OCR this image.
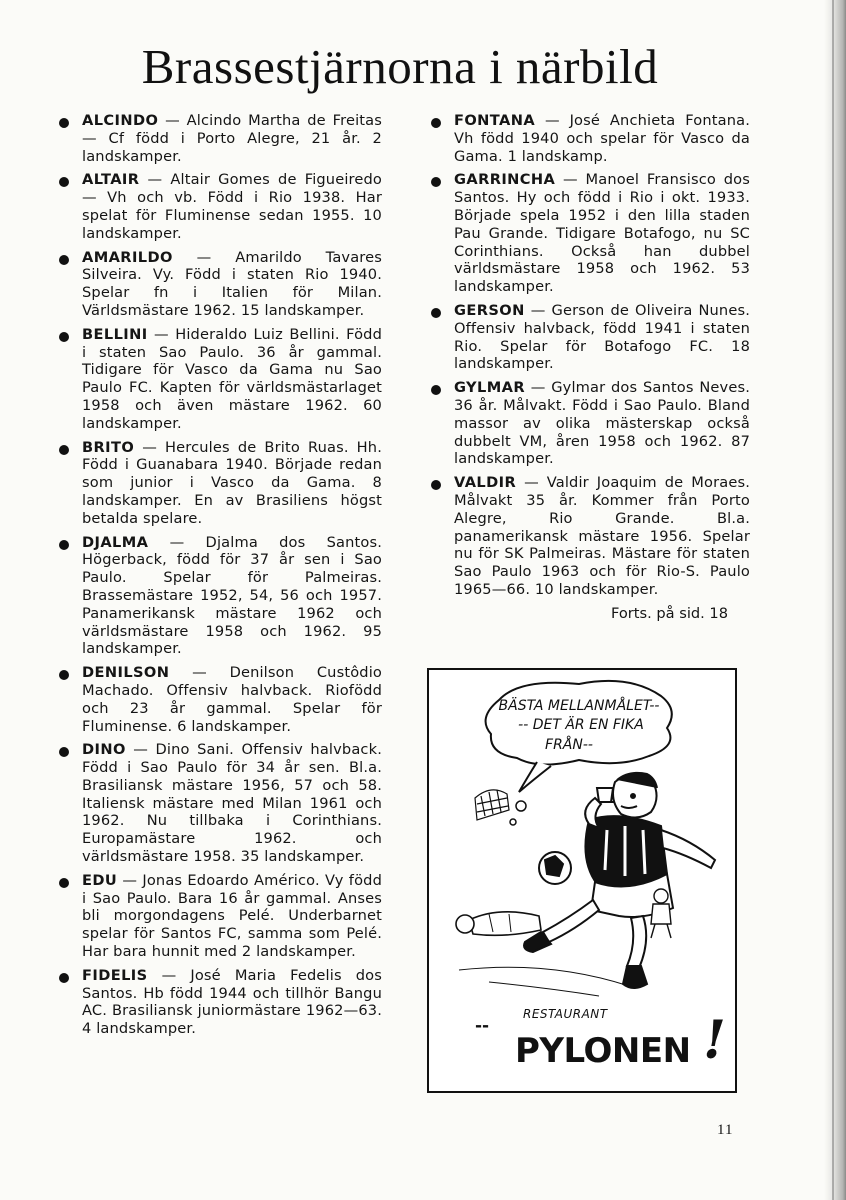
Brassestjärnorna i närbild

ALCINDO — Alcindo Martha de Freitas — Cf född i Porto Alegre, 21 år. 2 landskamper.

ALTAIR — Altair Gomes de Figueiredo — Vh och vb. Född i Rio 1938. Har spelat för Fluminense sedan 1955. 10 landskamper.

AMARILDO — Amarildo Tavares Silveira. Vy. Född i staten Rio 1940. Spelar fn i Italien för Milan. Världsmästare 1962. 15 landskamper.

BELLINI — Hideraldo Luiz Bellini. Född i staten Sao Paulo. 36 år gammal. Tidigare för Vasco da Gama nu Sao Paulo FC. Kapten för världsmästarlaget 1958 och även mästare 1962. 60 landskamper.

BRITO — Hercules de Brito Ruas. Hh. Född i Guanabara 1940. Började redan som junior i Vasco da Gama. 8 landskamper. En av Brasiliens högst betalda spelare.

DJALMA — Djalma dos Santos. Högerback, född för 37 år sen i Sao Paulo. Spelar för Palmeiras. Brassemästare 1952, 54, 56 och 1957. Panamerikansk mästare 1962 och världsmästare 1958 och 1962. 95 landskamper.

DENILSON — Denilson Custôdio Machado. Offensiv halvback. Riofödd och 23 år gammal. Spelar för Fluminense. 6 landskamper.

DINO — Dino Sani. Offensiv halvback. Född i Sao Paulo för 34 år sen. Bl.a. Brasiliansk mästare 1956, 57 och 58. Italiensk mästare med Milan 1961 och 1962. Nu tillbaka i Corinthians. Europamästare 1962. och världsmästare 1958. 35 landskamper.

EDU — Jonas Edoardo Américo. Vy född i Sao Paulo. Bara 16 år gammal. Anses bli morgondagens Pelé. Underbarnet spelar för Santos FC, samma som Pelé. Har bara hunnit med 2 landskamper.

FIDELIS — José Maria Fedelis dos Santos. Hb född 1944 och tillhör Bangu AC. Brasiliansk juniormästare 1962—63. 4 landskamper.

FONTANA — José Anchieta Fontana. Vh född 1940 och spelar för Vasco da Gama. 1 landskamp.

GARRINCHA — Manoel Fransisco dos Santos. Hy och född i Rio i okt. 1933. Började spela 1952 i den lilla staden Pau Grande. Tidigare Botafogo, nu SC Corinthians. Också han dubbel världsmästare 1958 och 1962. 53 landskamper.

GERSON — Gerson de Oliveira Nunes. Offensiv halvback, född 1941 i staten Rio. Spelar för Botafogo FC. 18 landskamper.

GYLMAR — Gylmar dos Santos Neves. 36 år. Målvakt. Född i Sao Paulo. Bland massor av olika mästerskap också dubbelt VM, åren 1958 och 1962. 87 landskamper.

VALDIR — Valdir Joaquim de Moraes. Målvakt 35 år. Kommer från Porto Alegre, Rio Grande. Bl.a. panamerikansk mästare 1956. Spelar nu för SK Palmeiras. Mästare för staten Sao Paulo 1963 och för Rio-S. Paulo 1965—66. 10 landskamper.

Forts. på sid. 18
BÄSTA MELLANMÅLET--
-- DET ÄR EN FIKA
FRÅN--
--
RESTAURANT
PYLONEN !
11
